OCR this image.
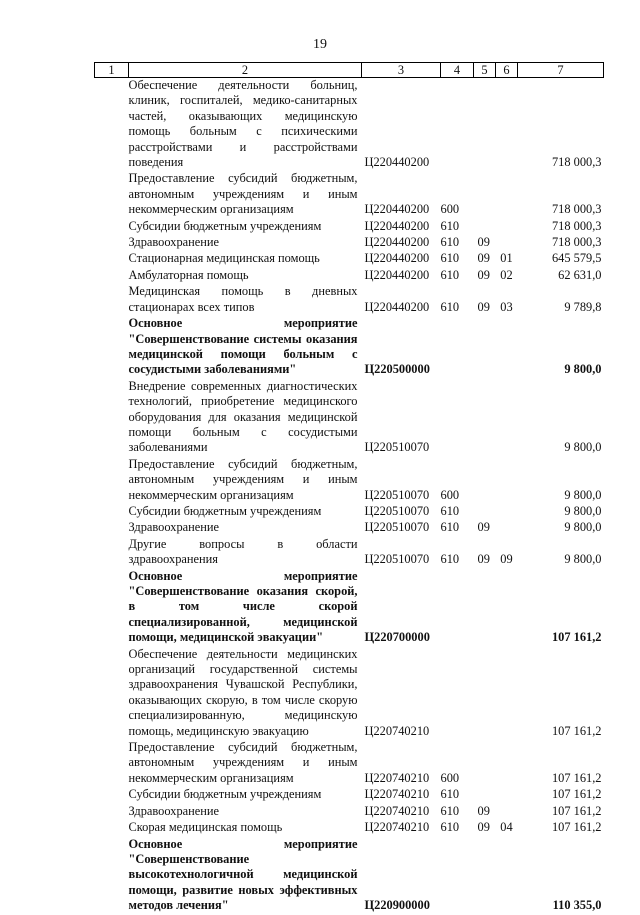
19
1	2	3	4	5	6	7
	Обеспечение деятельности больниц, клиник, госпиталей, медико-санитарных частей, оказывающих медицинскую помощь больным с психическими расстройствами и расстройствами поведения	Ц220440200				718 000,3
	Предоставление субсидий бюджетным, автономным учреждениям и иным некоммерческим организациям	Ц220440200	600			718 000,3
	Субсидии бюджетным учреждениям	Ц220440200	610			718 000,3
	Здравоохранение	Ц220440200	610	09		718 000,3
	Стационарная медицинская помощь	Ц220440200	610	09	01	645 579,5
	Амбулаторная помощь	Ц220440200	610	09	02	62 631,0
	Медицинская помощь в дневных стационарах всех типов	Ц220440200	610	09	03	9 789,8
	Основное мероприятие "Совершенствование системы оказания медицинской помощи больным с сосудистыми заболеваниями"	Ц220500000				9 800,0
	Внедрение современных диагностических технологий, приобретение медицинского оборудования для оказания медицинской помощи больным с сосудистыми заболеваниями	Ц220510070				9 800,0
	Предоставление субсидий бюджетным, автономным учреждениям и иным некоммерческим организациям	Ц220510070	600			9 800,0
	Субсидии бюджетным учреждениям	Ц220510070	610			9 800,0
	Здравоохранение	Ц220510070	610	09		9 800,0
	Другие вопросы в области здравоохранения	Ц220510070	610	09	09	9 800,0
	Основное мероприятие "Совершенствование оказания скорой, в том числе скорой специализированной, медицинской помощи, медицинской эвакуации"	Ц220700000				107 161,2
	Обеспечение деятельности медицинских организаций государственной системы здравоохранения Чувашской Республики, оказывающих скорую, в том числе скорую специализированную, медицинскую помощь, медицинскую эвакуацию	Ц220740210				107 161,2
	Предоставление субсидий бюджетным, автономным учреждениям и иным некоммерческим организациям	Ц220740210	600			107 161,2
	Субсидии бюджетным учреждениям	Ц220740210	610			107 161,2
	Здравоохранение	Ц220740210	610	09		107 161,2
	Скорая медицинская помощь	Ц220740210	610	09	04	107 161,2
	Основное мероприятие "Совершенствование высокотехнологичной медицинской помощи, развитие новых эффективных методов лечения"	Ц220900000				110 355,0
